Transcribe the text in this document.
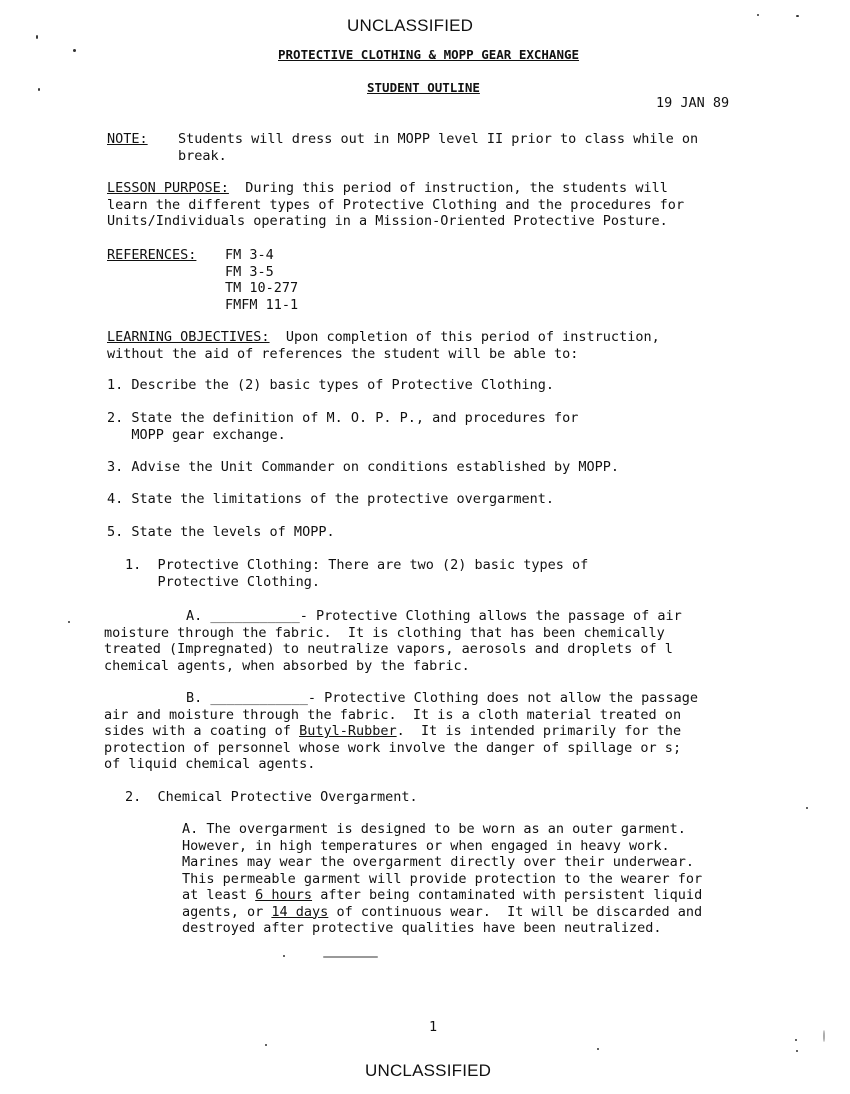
UNCLASSIFIED
PROTECTIVE CLOTHING & MOPP GEAR EXCHANGE
STUDENT OUTLINE
19 JAN 89
NOTE: Students will dress out in MOPP level II prior to class while on
break.
LESSON PURPOSE: During this period of instruction, the students will
learn the different types of Protective Clothing and the procedures for
Units/Individuals operating in a Mission-Oriented Protective Posture.
REFERENCES: FM 3-4
FM 3-5
TM 10-277
FMFM 11-1
LEARNING OBJECTIVES: Upon completion of this period of instruction,
without the aid of references the student will be able to:
1. Describe the (2) basic types of Protective Clothing.
2. State the definition of M. O. P. P., and procedures for
MOPP gear exchange.
3. Advise the Unit Commander on conditions established by MOPP.
4. State the limitations of the protective overgarment.
5. State the levels of MOPP.
1.  Protective Clothing: There are two (2) basic types of
Protective Clothing.
A. ___________- Protective Clothing allows the passage of air
moisture through the fabric.  It is clothing that has been chemically
treated (Impregnated) to neutralize vapors, aerosols and droplets of l
chemical agents, when absorbed by the fabric.
B. ____________- Protective Clothing does not allow the passage
air and moisture through the fabric.  It is a cloth material treated on
sides with a coating of Butyl-Rubber.  It is intended primarily for the
protection of personnel whose work involve the danger of spillage or s;
of liquid chemical agents.
2.  Chemical Protective Overgarment.
A. The overgarment is designed to be worn as an outer garment.
However, in high temperatures or when engaged in heavy work.
Marines may wear the overgarment directly over their underwear.
This permeable garment will provide protection to the wearer for
at least 6 hours after being contaminated with persistent liquid
agents, or 14 days of continuous wear.  It will be discarded and
destroyed after protective qualities have been neutralized.
1
UNCLASSIFIED
